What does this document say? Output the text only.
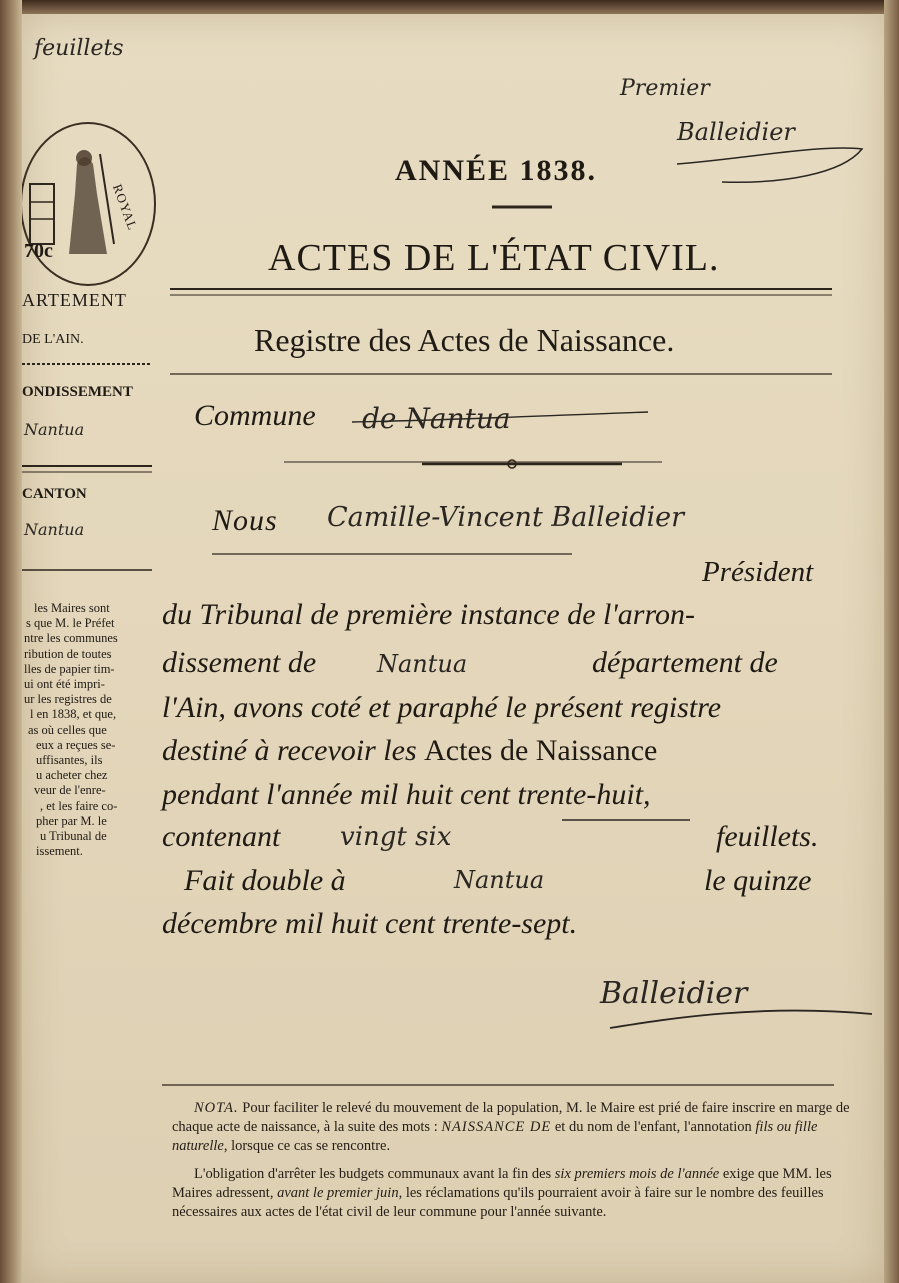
feuillets

Premier

Balleidier

70c

ROYAL

ARTEMENT

DE L'AIN.

ONDISSEMENT

Nantua

CANTON

Nantua

les Maires sont
s que M. le Préfet
ntre les communes
ribution de toutes
lles de papier tim-
ui ont été impri-
ur les registres de
l en 1838, et que,
as où celles que
eux a reçues se-
uffisantes, ils
u acheter chez
veur de l'enre-
, et les faire co-
pher par M. le
u Tribunal de
issement.

ANNÉE 1838.

ACTES DE L'ÉTAT CIVIL.

Registre des Actes de Naissance.

Commune de Nantua

Nous Camille-Vincent Balleidier

Président

du Tribunal de première instance de l'arron-

dissement de	Nantua	département de

l'Ain, avons coté et paraphé le présent registre

destiné à recevoir les Actes de Naissance

pendant l'année mil huit cent trente-huit,

contenant vingt six	feuillets.

Fait double à	Nantua	le quinze

décembre mil huit cent trente-sept.

Balleidier

NOTA. Pour faciliter le relevé du mouvement de la population, M. le Maire est prié de faire inscrire en marge de chaque acte de naissance, à la suite des mots : NAISSANCE DE et du nom de l'enfant, l'annotation fils ou fille naturelle, lorsque ce cas se rencontre.

L'obligation d'arrêter les budgets communaux avant la fin des six premiers mois de l'année exige que MM. les Maires adressent, avant le premier juin, les réclamations qu'ils pourraient avoir à faire sur le nombre des feuilles nécessaires aux actes de l'état civil de leur commune pour l'année suivante.
